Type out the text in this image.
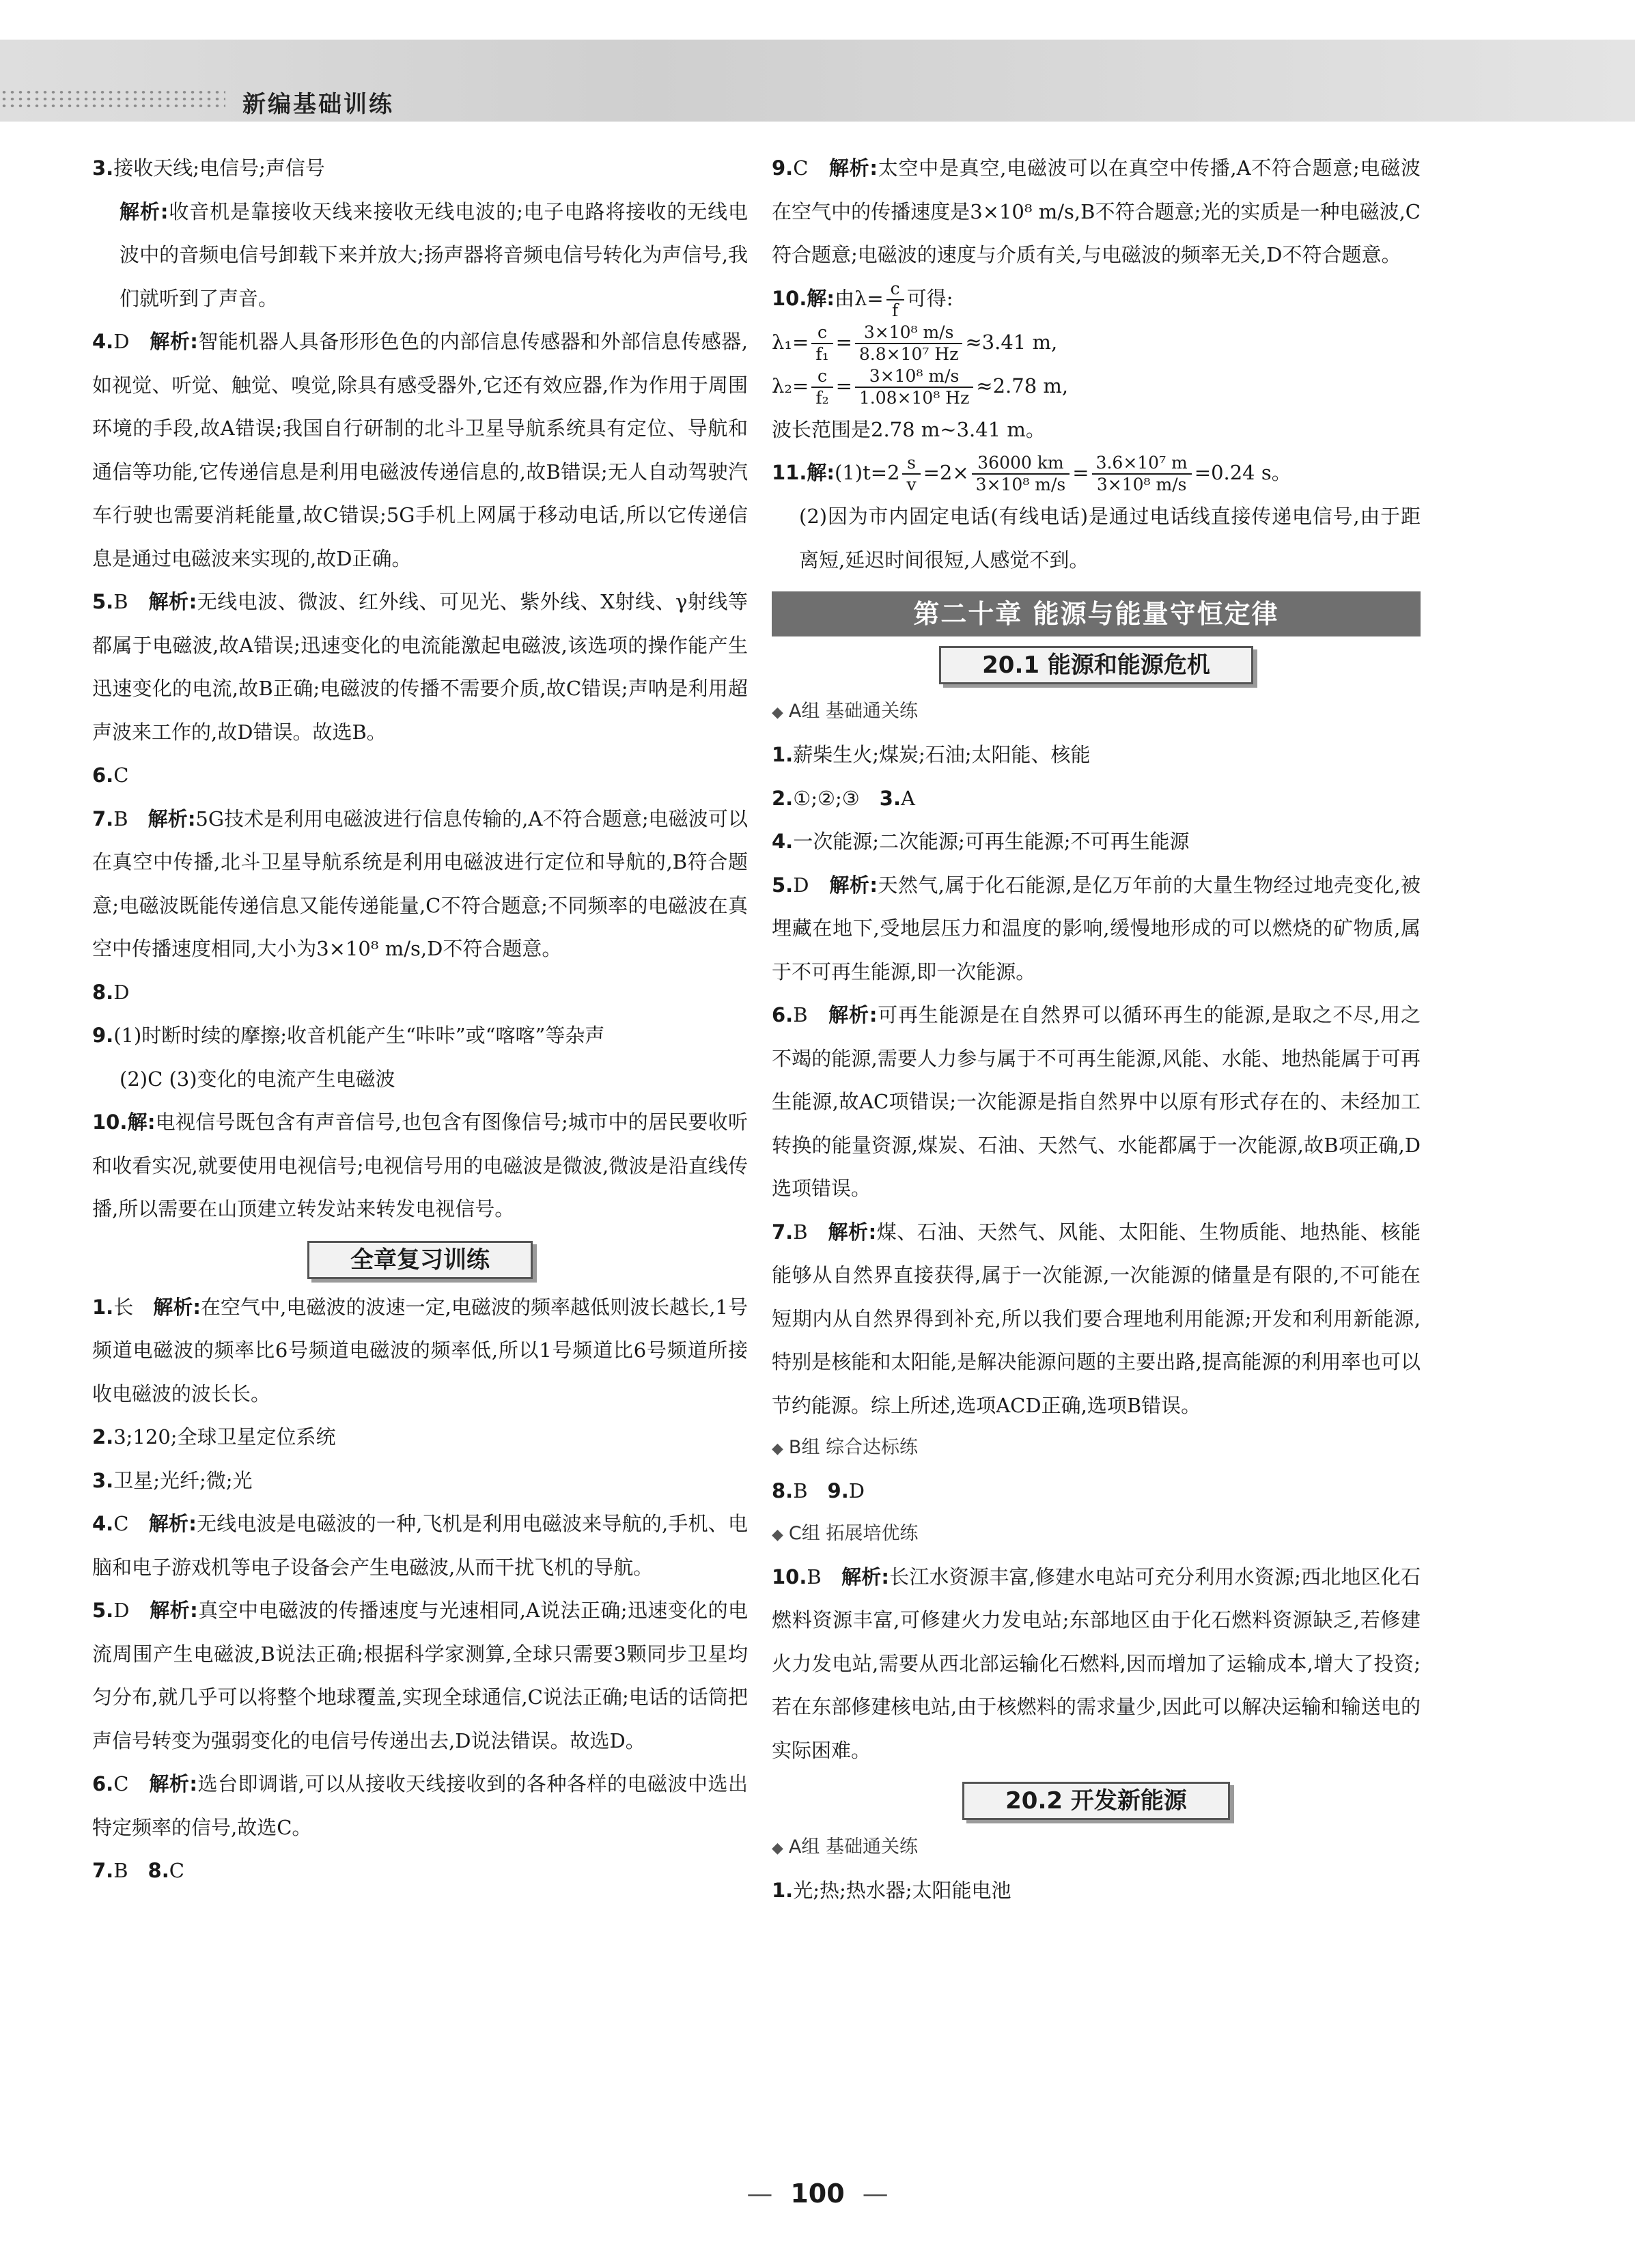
新编基础训练

3.接收天线;电信号;声信号

解析:收音机是靠接收天线来接收无线电波的;电子电路将接收的无线电波中的音频电信号卸载下来并放大;扬声器将音频电信号转化为声信号,我们就听到了声音。

4.D　 解析:智能机器人具备形形色色的内部信息传感器和外部信息传感器,如视觉、听觉、触觉、嗅觉,除具有感受器外,它还有效应器,作为作用于周围环境的手段,故A错误;我国自行研制的北斗卫星导航系统具有定位、导航和通信等功能,它传递信息是利用电磁波传递信息的,故B错误;无人自动驾驶汽车行驶也需要消耗能量,故C错误;5G手机上网属于移动电话,所以它传递信息是通过电磁波来实现的,故D正确。

5.B　 解析:无线电波、微波、红外线、可见光、紫外线、X射线、γ射线等都属于电磁波,故A错误;迅速变化的电流能激起电磁波,该选项的操作能产生迅速变化的电流,故B正确;电磁波的传播不需要介质,故C错误;声呐是利用超声波来工作的,故D错误。故选B。

6.C

7.B　 解析:5G技术是利用电磁波进行信息传输的,A不符合题意;电磁波可以在真空中传播,北斗卫星导航系统是利用电磁波进行定位和导航的,B符合题意;电磁波既能传递信息又能传递能量,C不符合题意;不同频率的电磁波在真空中传播速度相同,大小为3×10⁸ m/s,D不符合题意。

8.D

9.(1)时断时续的摩擦;收音机能产生“咔咔”或“喀喀”等杂声

(2)C (3)变化的电流产生电磁波

10.解:电视信号既包含有声音信号,也包含有图像信号;城市中的居民要收听和收看实况,就要使用电视信号;电视信号用的电磁波是微波,微波是沿直线传播,所以需要在山顶建立转发站来转发电视信号。

全章复习训练

1.长　 解析:在空气中,电磁波的波速一定,电磁波的频率越低则波长越长,1号频道电磁波的频率比6号频道电磁波的频率低,所以1号频道比6号频道所接收电磁波的波长长。

2.3;120;全球卫星定位系统

3.卫星;光纤;微;光

4.C　 解析:无线电波是电磁波的一种,飞机是利用电磁波来导航的,手机、电脑和电子游戏机等电子设备会产生电磁波,从而干扰飞机的导航。

5.D　 解析:真空中电磁波的传播速度与光速相同,A说法正确;迅速变化的电流周围产生电磁波,B说法正确;根据科学家测算,全球只需要3颗同步卫星均匀分布,就几乎可以将整个地球覆盖,实现全球通信,C说法正确;电话的话筒把声信号转变为强弱变化的电信号传递出去,D说法错误。故选D。

6.C　 解析:选台即调谐,可以从接收天线接收到的各种各样的电磁波中选出特定频率的信号,故选C。

7.B　 8.C

9.C　 解析:太空中是真空,电磁波可以在真空中传播,A不符合题意;电磁波在空气中的传播速度是3×10⁸ m/s,B不符合题意;光的实质是一种电磁波,C符合题意;电磁波的速度与介质有关,与电磁波的频率无关,D不符合题意。

10.解:由$\lambda= \frac{c}{f}$ 可得:

$\lambda_1= \frac{c}{\text{f₁}} = \frac{\text{3×10⁸ m/s}}{\text{8.8×10⁷ Hz}} \approx 3.41$ m,

$\lambda_2= \frac{c}{\text{f₂}} = \frac{\text{3×10⁸ m/s}}{\text{1.08×10⁸ Hz}} \approx 2.78$ m,

波长范围是2.78 m~3.41 m。

11.解:(1)t=2 $\frac{s}{v} =2\times \frac{36000 km}{\text{3×10⁸ m/s}} = \frac{\text{3.6×10⁷ m}}{\text{3×10⁸ m/s}} =0.24$ s。

(2)因为市内固定电话(有线电话)是通过电话线直接传递电信号,由于距离短,延迟时间很短,人感觉不到。

第二十章 能源与能量守恒定律
20.1 能源和能源危机
◆ A组 基础通关练

1.薪柴生火;煤炭;石油;太阳能、核能

2.①;②;③　 3.A

4.一次能源;二次能源;可再生能源;不可再生能源

5.D　 解析:天然气,属于化石能源,是亿万年前的大量生物经过地壳变化,被埋藏在地下,受地层压力和温度的影响,缓慢地形成的可以燃烧的矿物质,属于不可再生能源,即一次能源。

6.B　 解析:可再生能源是在自然界可以循环再生的能源,是取之不尽,用之不竭的能源,需要人力参与属于不可再生能源,风能、水能、地热能属于可再生能源,故AC项错误;一次能源是指自然界中以原有形式存在的、未经加工转换的能量资源,煤炭、石油、天然气、水能都属于一次能源,故B项正确,D选项错误。

7.B　 解析:煤、石油、天然气、风能、太阳能、生物质能、地热能、核能能够从自然界直接获得,属于一次能源,一次能源的储量是有限的,不可能在短期内从自然界得到补充,所以我们要合理地利用能源;开发和利用新能源,特别是核能和太阳能,是解决能源问题的主要出路,提高能源的利用率也可以节约能源。综上所述,选项ACD正确,选项B错误。

◆ B组 综合达标练

8.B　 9.D

◆ C组 拓展培优练

10.B　 解析:长江水资源丰富,修建水电站可充分利用水资源;西北地区化石燃料资源丰富,可修建火力发电站;东部地区由于化石燃料资源缺乏,若修建火力发电站,需要从西北部运输化石燃料,因而增加了运输成本,增大了投资;若在东部修建核电站,由于核燃料的需求量少,因此可以解决运输和输送电的实际困难。

20.2 开发新能源
◆ A组 基础通关练

1.光;热;热水器;太阳能电池

— 100 —
